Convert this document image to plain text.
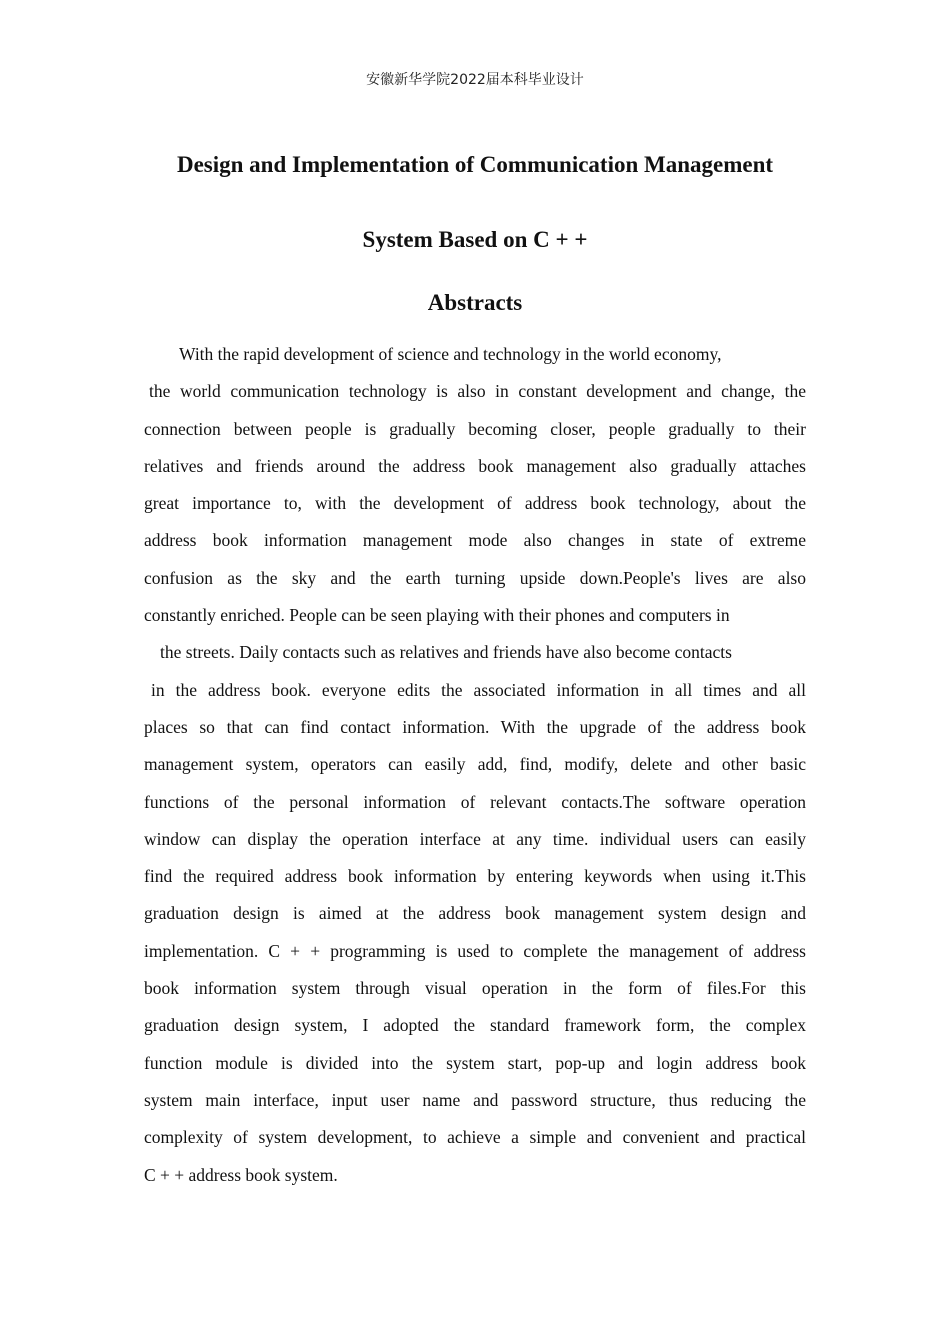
安徽新华学院2022届本科毕业设计
Design and Implementation of Communication Management
System Based on C + +
Abstracts
With the rapid development of science and technology in the world economy,
the world communication technology is also in constant development and change, the
connection between people is gradually becoming closer, people gradually to their
relatives and friends around the address book management also gradually attaches
great importance to, with the development of address book technology, about the
address book information management mode also changes in state of extreme
confusion as the sky and the earth turning upside down.People's lives are also
constantly enriched. People can be seen playing with their phones and computers in
the streets. Daily contacts such as relatives and friends have also become contacts
in the address book. everyone edits the associated information in all times and all
places so that can find contact information. With the upgrade of the address book
management system, operators can easily add, find, modify, delete and other basic
functions of the personal information of relevant contacts.The software operation
window can display the operation interface at any time. individual users can easily
find the required address book information by entering keywords when using it.This
graduation design is aimed at the address book management system design and
implementation. C + + programming is used to complete the management of address
book information system through visual operation in the form of files.For this
graduation design system, I adopted the standard framework form, the complex
function module is divided into the system start, pop-up and login address book
system main interface, input user name and password structure, thus reducing the
complexity of system development, to achieve a simple and convenient and practical
C + + address book system.
